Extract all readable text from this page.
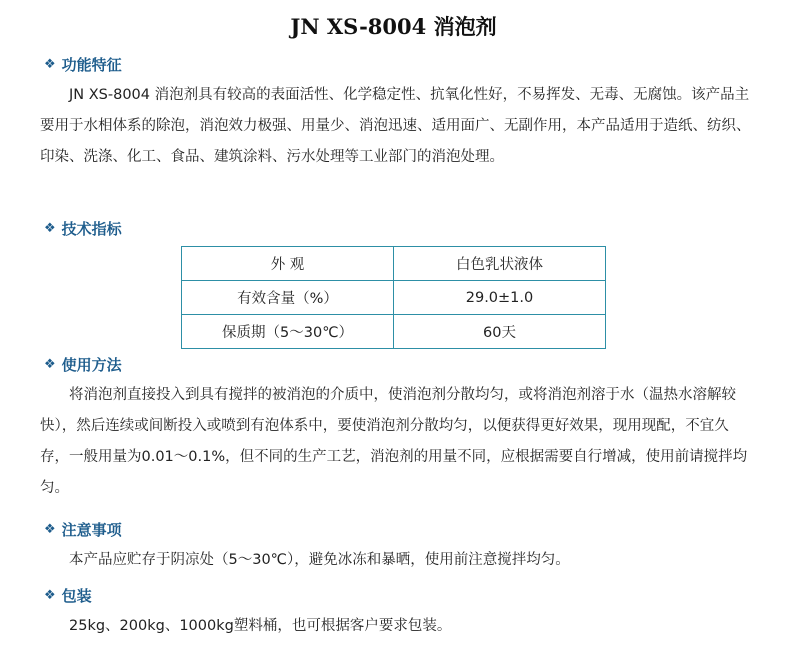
JN XS-8004 消泡剂
❖ 功能特征

JN XS-8004 消泡剂具有较高的表面活性、化学稳定性、抗氧化性好，不易挥发、无毒、无腐蚀。该产品主要用于水相体系的除泡，消泡效力极强、用量少、消泡迅速、适用面广、无副作用，本产品适用于造纸、纺织、印染、洗涤、化工、食品、建筑涂料、污水处理等工业部门的消泡处理。

❖ 技术指标
外 观	白色乳状液体
有效含量（%）	29.0±1.0
保质期（5～30℃）	60天
❖ 使用方法

将消泡剂直接投入到具有搅拌的被消泡的介质中，使消泡剂分散均匀，或将消泡剂溶于水（温热水溶解较快），然后连续或间断投入或喷到有泡体系中，要使消泡剂分散均匀，以便获得更好效果，现用现配，不宜久存，一般用量为0.01～0.1%，但不同的生产工艺，消泡剂的用量不同，应根据需要自行增减，使用前请搅拌均匀。

❖ 注意事项

本产品应贮存于阴凉处（5～30℃），避免冰冻和暴晒，使用前注意搅拌均匀。

❖ 包装

25kg、200kg、1000kg塑料桶，也可根据客户要求包装。
